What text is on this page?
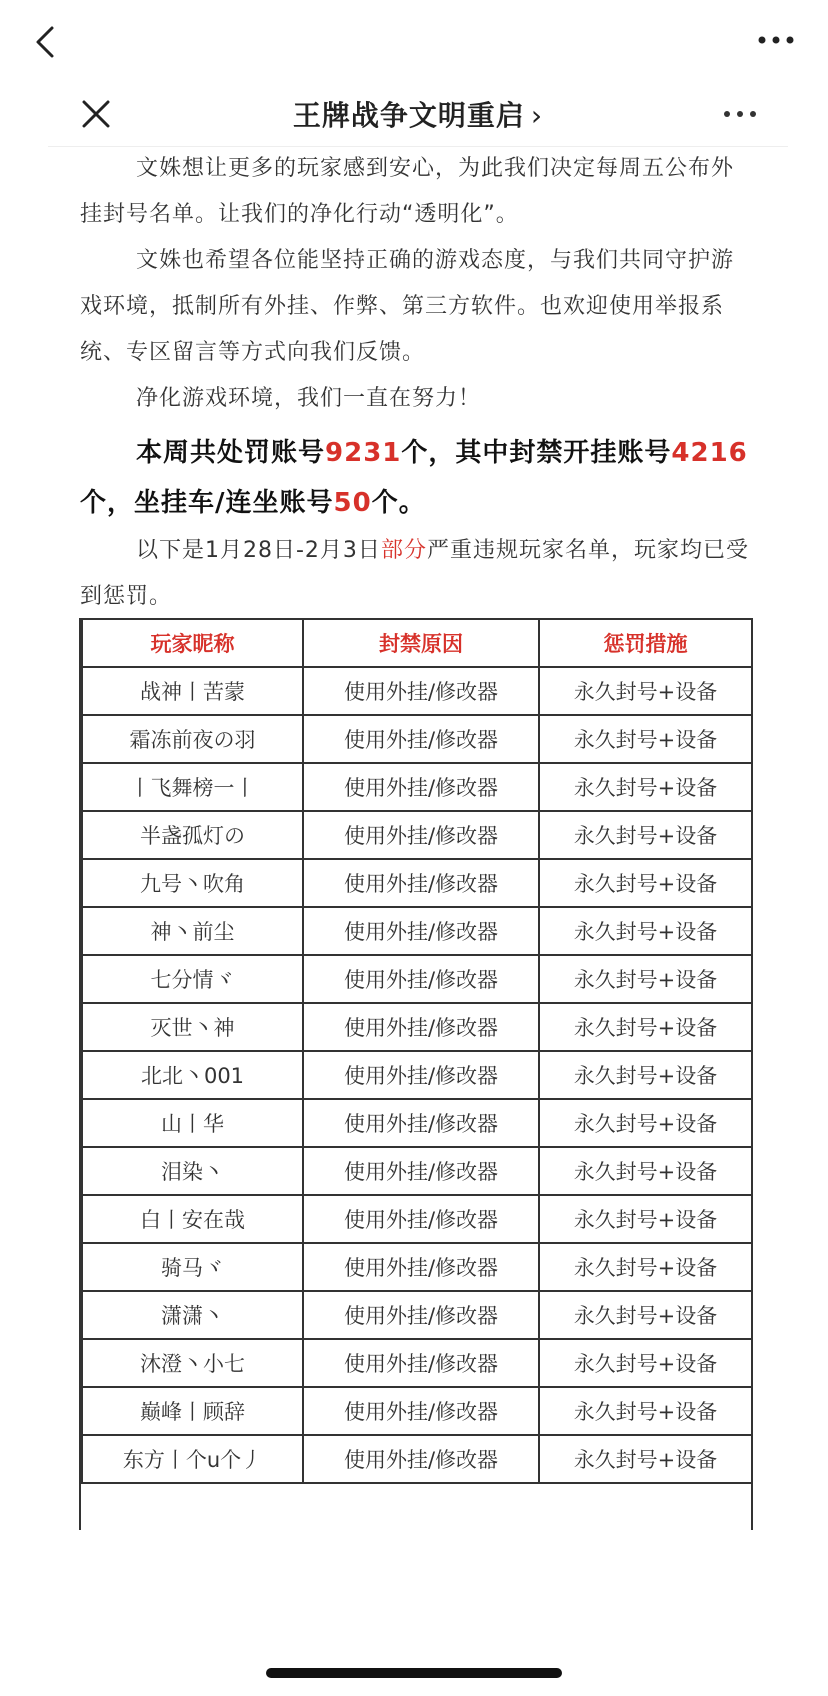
王牌战争文明重启 ›

文姝想让更多的玩家感到安心，为此我们决定每周五公布外挂封号名单。让我们的净化行动“透明化”。

文姝也希望各位能坚持正确的游戏态度，与我们共同守护游戏环境，抵制所有外挂、作弊、第三方软件。也欢迎使用举报系统、专区留言等方式向我们反馈。

净化游戏环境，我们一直在努力！

本周共处罚账号9231个，其中封禁开挂账号4216个，坐挂车/连坐账号50个。

以下是1月28日-2月3日部分严重违规玩家名单，玩家均已受到惩罚。

玩家昵称	封禁原因	惩罚措施
战神丨苦蒙	使用外挂/修改器	永久封号+设备
霜冻前夜の羽	使用外挂/修改器	永久封号+设备
丨飞舞榜一丨	使用外挂/修改器	永久封号+设备
半盏孤灯の	使用外挂/修改器	永久封号+设备
九号丶吹角	使用外挂/修改器	永久封号+设备
神丶前尘	使用外挂/修改器	永久封号+设备
七分情ヾ	使用外挂/修改器	永久封号+设备
灭世丶神	使用外挂/修改器	永久封号+设备
北北丶001	使用外挂/修改器	永久封号+设备
山丨华	使用外挂/修改器	永久封号+设备
泪染丶	使用外挂/修改器	永久封号+设备
白丨安在哉	使用外挂/修改器	永久封号+设备
骑马ヾ	使用外挂/修改器	永久封号+设备
潇潇丶	使用外挂/修改器	永久封号+设备
沐澄丶小七	使用外挂/修改器	永久封号+设备
巅峰丨顾辞	使用外挂/修改器	永久封号+设备
东方丨个u个丿	使用外挂/修改器	永久封号+设备
